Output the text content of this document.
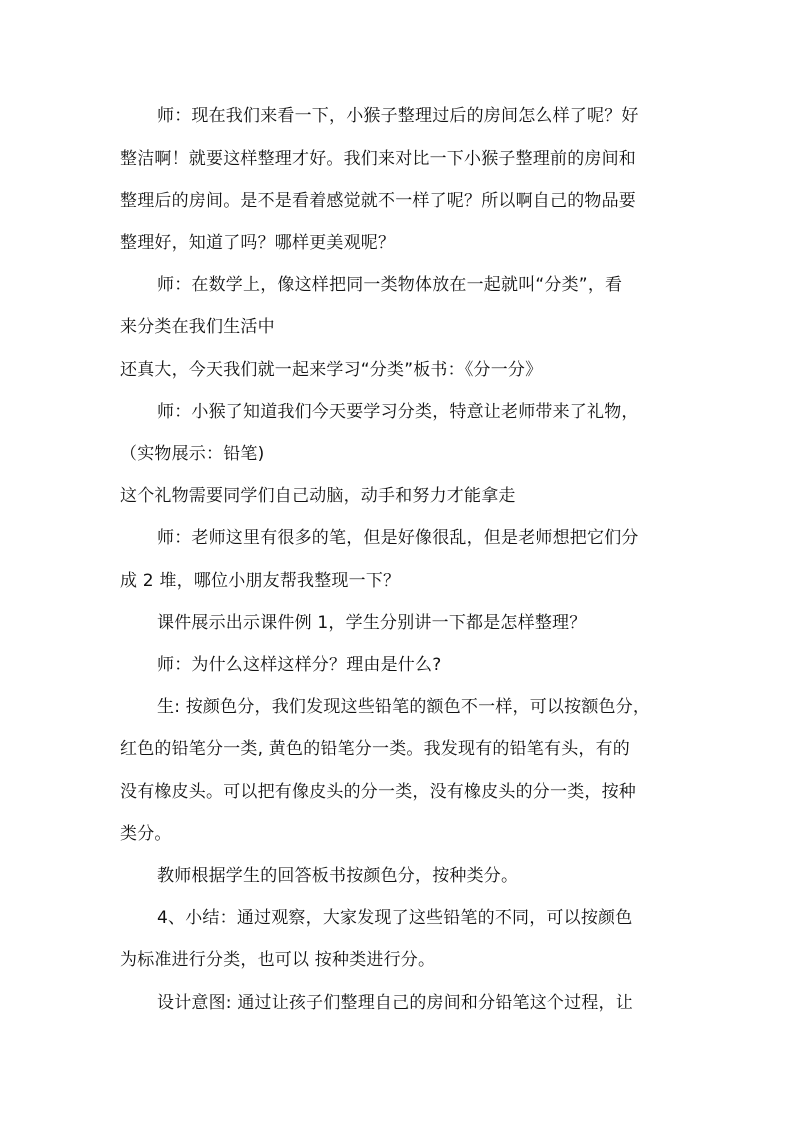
师：现在我们来看一下，小猴子整理过后的房间怎么样了呢？好
整洁啊！就要这样整理才好。我们来对比一下小猴子整理前的房间和
整理后的房间。是不是看着感觉就不一样了呢？所以啊自己的物品要
整理好，知道了吗？哪样更美观呢？
师：在数学上，像这样把同一类物体放在一起就叫“分类”，看
来分类在我们生活中
还真大，今天我们就一起来学习“分类”板书：《分一分》
师：小猴了知道我们今天要学习分类，特意让老师带来了礼物，
（实物展示：铅笔)
这个礼物需要同学们自己动脑，动手和努力才能拿走
师：老师这里有很多的笔，但是好像很乱，但是老师想把它们分
成 2 堆，哪位小朋友帮我整现一下？
课件展示出示课件例 1，学生分别讲一下都是怎样整理？
师：为什么这样这样分？理由是什么?
生: 按颜色分，我们发现这些铅笔的额色不一样，可以按额色分，
红色的铅笔分一类, 黄色的铅笔分一类。我发现有的铅笔有头，有的
没有橡皮头。可以把有像皮头的分一类，没有橡皮头的分一类，按种
类分。
教师根据学生的回答板书按颜色分，按种类分。
4、小结：通过观察，大家发现了这些铅笔的不同，可以按颜色
为标准进行分类，也可以 按种类进行分。
设计意图: 通过让孩子们整理自己的房间和分铅笔这个过程，让
